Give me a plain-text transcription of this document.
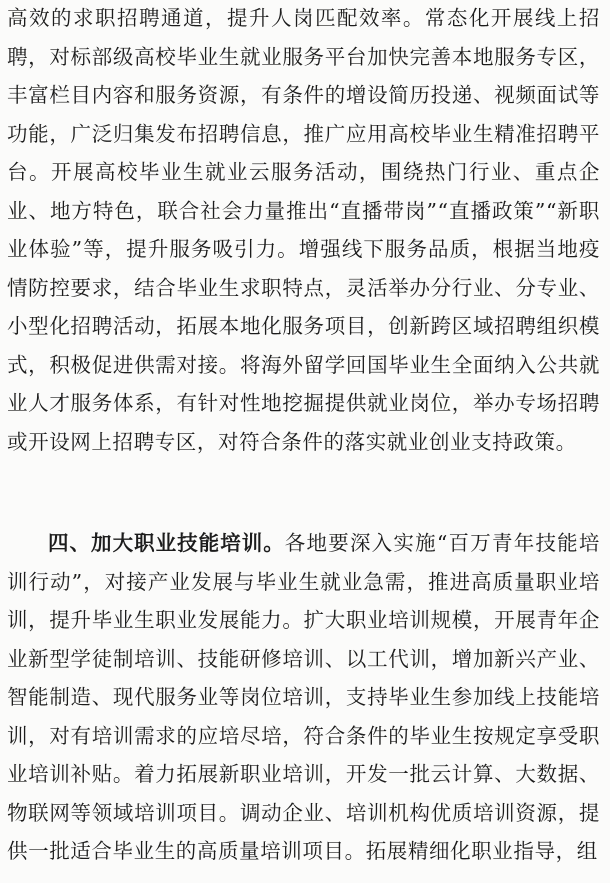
高效的求职招聘通道，提升人岗匹配效率。常态化开展线上招聘，对标部级高校毕业生就业服务平台加快完善本地服务专区，丰富栏目内容和服务资源，有条件的增设简历投递、视频面试等功能，广泛归集发布招聘信息，推广应用高校毕业生精准招聘平台。开展高校毕业生就业云服务活动，围绕热门行业、重点企业、地方特色，联合社会力量推出“直播带岗”“直播政策”“新职业体验”等，提升服务吸引力。增强线下服务品质，根据当地疫情防控要求，结合毕业生求职特点，灵活举办分行业、分专业、小型化招聘活动，拓展本地化服务项目，创新跨区域招聘组织模式，积极促进供需对接。将海外留学回国毕业生全面纳入公共就业人才服务体系，有针对性地挖掘提供就业岗位，举办专场招聘或开设网上招聘专区，对符合条件的落实就业创业支持政策。

四、加大职业技能培训。各地要深入实施“百万青年技能培训行动”，对接产业发展与毕业生就业急需，推进高质量职业培训，提升毕业生职业发展能力。扩大职业培训规模，开展青年企业新型学徒制培训、技能研修培训、以工代训，增加新兴产业、智能制造、现代服务业等岗位培训，支持毕业生参加线上技能培训，对有培训需求的应培尽培，符合条件的毕业生按规定享受职业培训补贴。着力拓展新职业培训，开发一批云计算、大数据、物联网等领域培训项目。调动企业、培训机构优质培训资源，提供一批适合毕业生的高质量培训项目。拓展精细化职业指导，组
